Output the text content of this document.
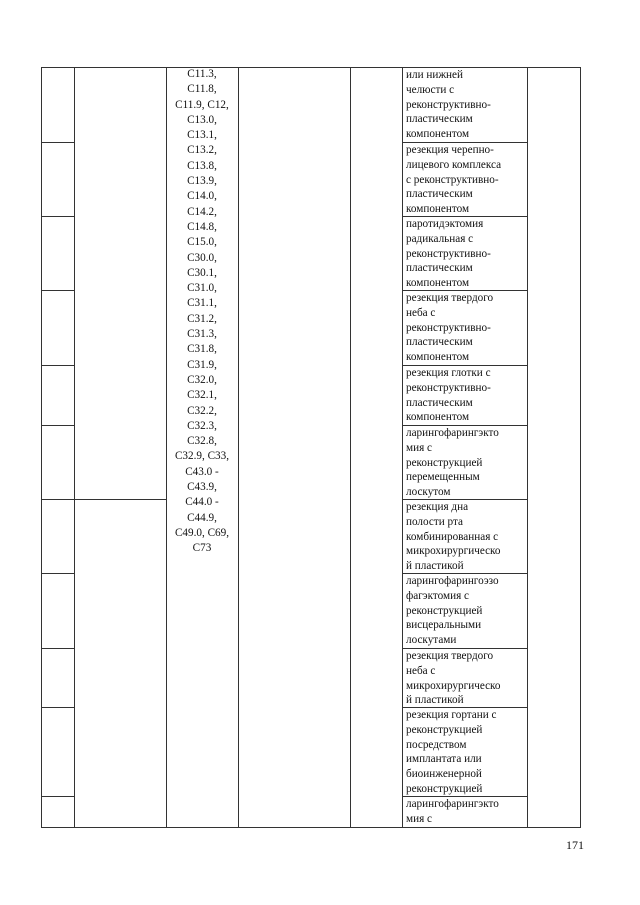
C11.3,
C11.8,
C11.9, C12,
C13.0,
C13.1,
C13.2,
C13.8,
C13.9,
C14.0,
C14.2,
C14.8,
C15.0,
C30.0,
C30.1,
C31.0,
C31.1,
C31.2,
C31.3,
C31.8,
C31.9,
C32.0,
C32.1,
C32.2,
C32.3,
C32.8,
C32.9, C33,
C43.0 -
C43.9,
C44.0 -
C44.9,
C49.0, C69,
C73
или нижней
челюсти с
реконструктивно-
пластическим
компонентом
резекция черепно-
лицевого комплекса
с реконструктивно-
пластическим
компонентом
паротидэктомия
радикальная с
реконструктивно-
пластическим
компонентом
резекция твердого
неба с
реконструктивно-
пластическим
компонентом
резекция глотки с
реконструктивно-
пластическим
компонентом
ларингофарингэкто
мия с
реконструкцией
перемещенным
лоскутом
резекция дна
полости рта
комбинированная с
микрохирургическо
й пластикой
ларингофарингоэзо
фагэктомия с
реконструкцией
висцеральными
лоскутами
резекция твердого
неба с
микрохирургическо
й пластикой
резекция гортани с
реконструкцией
посредством
имплантата или
биоинженерной
реконструкцией
ларингофарингэкто
мия с
171
